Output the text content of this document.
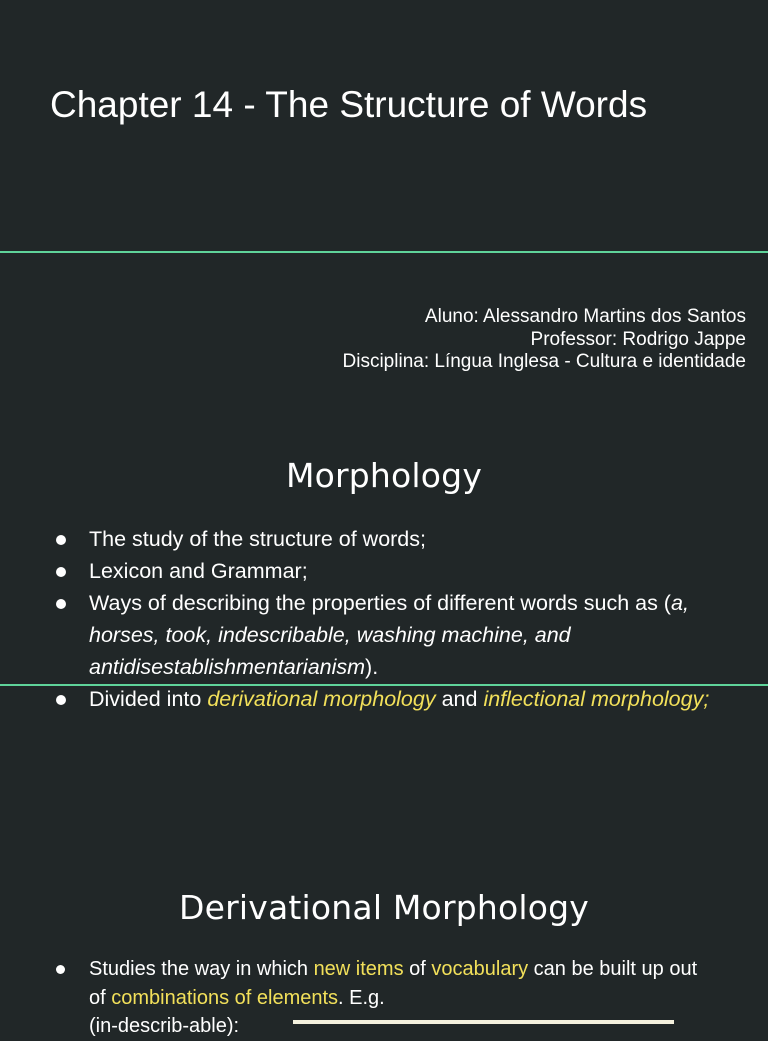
Chapter 14 - The Structure of Words
Aluno: Alessandro Martins dos Santos
Professor: Rodrigo Jappe
Disciplina: Língua Inglesa - Cultura e identidade
Morphology
The study of the structure of words;
Lexicon and Grammar;
Ways of describing the properties of different words such as (a, horses, took, indescribable, washing machine, and antidisestablishmentarianism).
Divided into derivational morphology and inflectional morphology;
Derivational Morphology
Studies the way in which new items of vocabulary can be built up out of combinations of elements. E.g.
(in-describ-able):
